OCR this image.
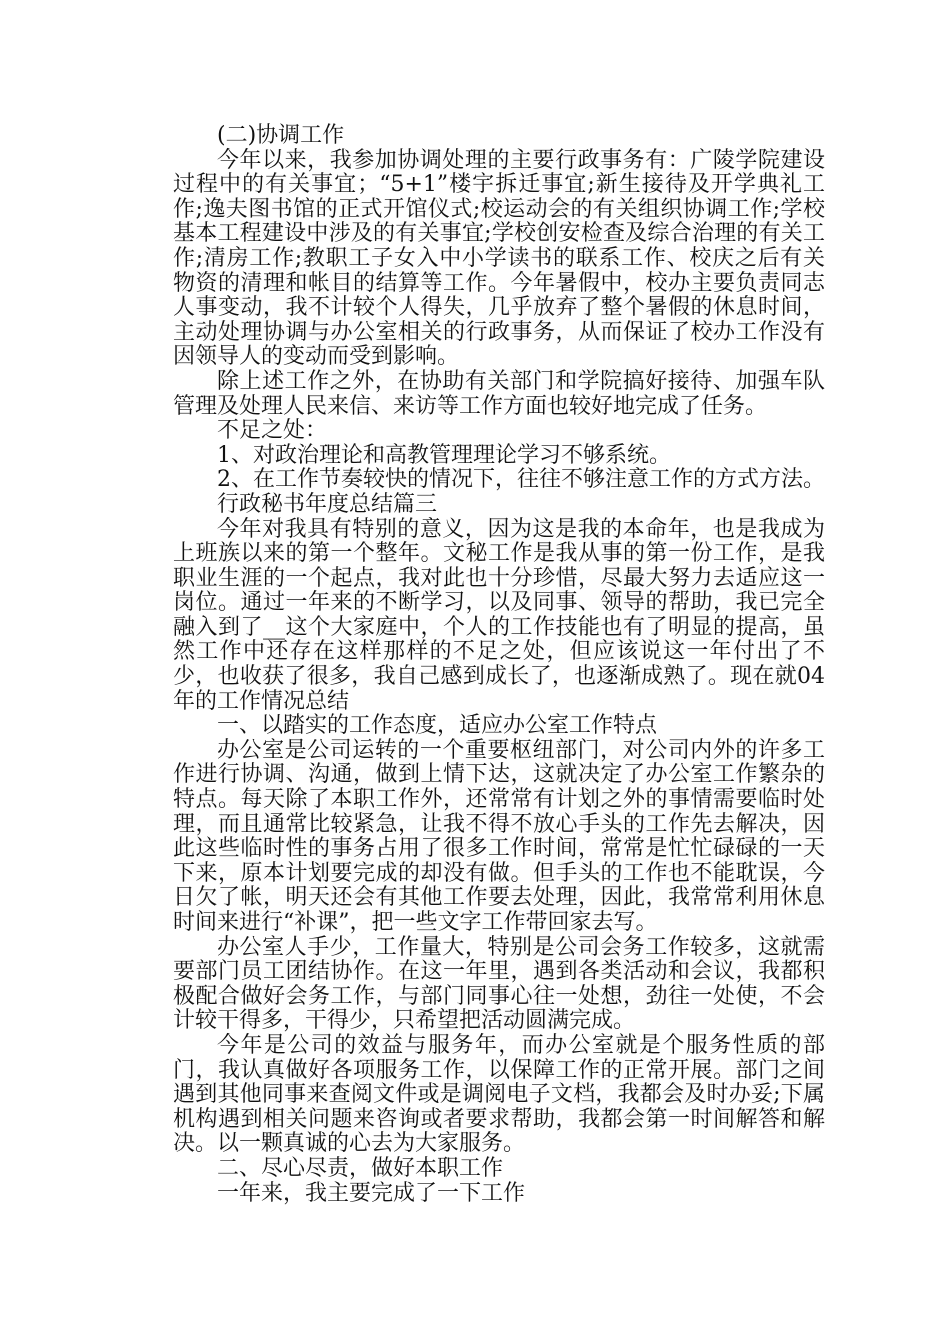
(二)协调工作

今年以来，我参加协调处理的主要行政事务有：广陵学院建设过程中的有关事宜；“5+1”楼宇拆迁事宜;新生接待及开学典礼工作;逸夫图书馆的正式开馆仪式;校运动会的有关组织协调工作;学校基本工程建设中涉及的有关事宜;学校创安检查及综合治理的有关工作;清房工作;教职工子女入中小学读书的联系工作、校庆之后有关物资的清理和帐目的结算等工作。今年暑假中，校办主要负责同志人事变动，我不计较个人得失，几乎放弃了整个暑假的休息时间，主动处理协调与办公室相关的行政事务，从而保证了校办工作没有因领导人的变动而受到影响。

除上述工作之外，在协助有关部门和学院搞好接待、加强车队管理及处理人民来信、来访等工作方面也较好地完成了任务。

不足之处：

1、对政治理论和高教管理理论学习不够系统。

2、在工作节奏较快的情况下，往往不够注意工作的方式方法。

行政秘书年度总结篇三

今年对我具有特别的意义，因为这是我的本命年，也是我成为上班族以来的第一个整年。文秘工作是我从事的第一份工作，是我职业生涯的一个起点，我对此也十分珍惜，尽最大努力去适应这一岗位。通过一年来的不断学习，以及同事、领导的帮助，我已完全融入到了__这个大家庭中，个人的工作技能也有了明显的提高，虽然工作中还存在这样那样的不足之处，但应该说这一年付出了不少，也收获了很多，我自己感到成长了，也逐渐成熟了。现在就04年的工作情况总结

一、以踏实的工作态度，适应办公室工作特点

办公室是公司运转的一个重要枢纽部门，对公司内外的许多工作进行协调、沟通，做到上情下达，这就决定了办公室工作繁杂的特点。每天除了本职工作外，还常常有计划之外的事情需要临时处理，而且通常比较紧急，让我不得不放心手头的工作先去解决，因此这些临时性的事务占用了很多工作时间，常常是忙忙碌碌的一天下来，原本计划要完成的却没有做。但手头的工作也不能耽误，今日欠了帐，明天还会有其他工作要去处理，因此，我常常利用休息时间来进行“补课”，把一些文字工作带回家去写。

办公室人手少，工作量大，特别是公司会务工作较多，这就需要部门员工团结协作。在这一年里，遇到各类活动和会议，我都积极配合做好会务工作，与部门同事心往一处想，劲往一处使，不会计较干得多，干得少，只希望把活动圆满完成。

今年是公司的效益与服务年，而办公室就是个服务性质的部门，我认真做好各项服务工作，以保障工作的正常开展。部门之间遇到其他同事来查阅文件或是调阅电子文档，我都会及时办妥;下属机构遇到相关问题来咨询或者要求帮助，我都会第一时间解答和解决。以一颗真诚的心去为大家服务。

二、尽心尽责，做好本职工作

一年来，我主要完成了一下工作
